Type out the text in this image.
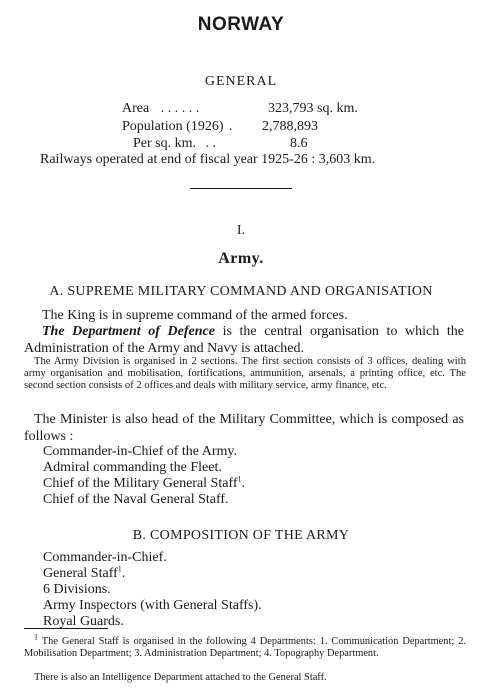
NORWAY
GENERAL
Area . . . . . .	323,793 sq. km.
Population (1926) . 2,788,893
Per sq. km. . .	8.6
Railways operated at end of fiscal year 1925-26 : 3,603 km.
I.
Army.
A. SUPREME MILITARY COMMAND AND ORGANISATION
The King is in supreme command of the armed forces.
The Department of Defence is the central organisation to which the Administration of the Army and Navy is attached.
The Army Division is organised in 2 sections. The first section consists of 3 offices, dealing with army organisation and mobilisation, fortifications, ammunition, arsenals, a printing office, etc. The second section consists of 2 offices and deals with military service, army finance, etc.
The Minister is also head of the Military Committee, which is composed as follows :
Commander-in-Chief of the Army.
Admiral commanding the Fleet.
Chief of the Military General Staff$^1$.
Chief of the Naval General Staff.
B. COMPOSITION OF THE ARMY
Commander-in-Chief.
General Staff$^1$.
6 Divisions.
Army Inspectors (with General Staffs).
Royal Guards.
$^1$ The General Staff is organised in the following 4 Departments: 1. Communication Department; 2. Mobilisation Department; 3. Administration Department; 4. Topography Department.
There is also an Intelligence Department attached to the General Staff.
